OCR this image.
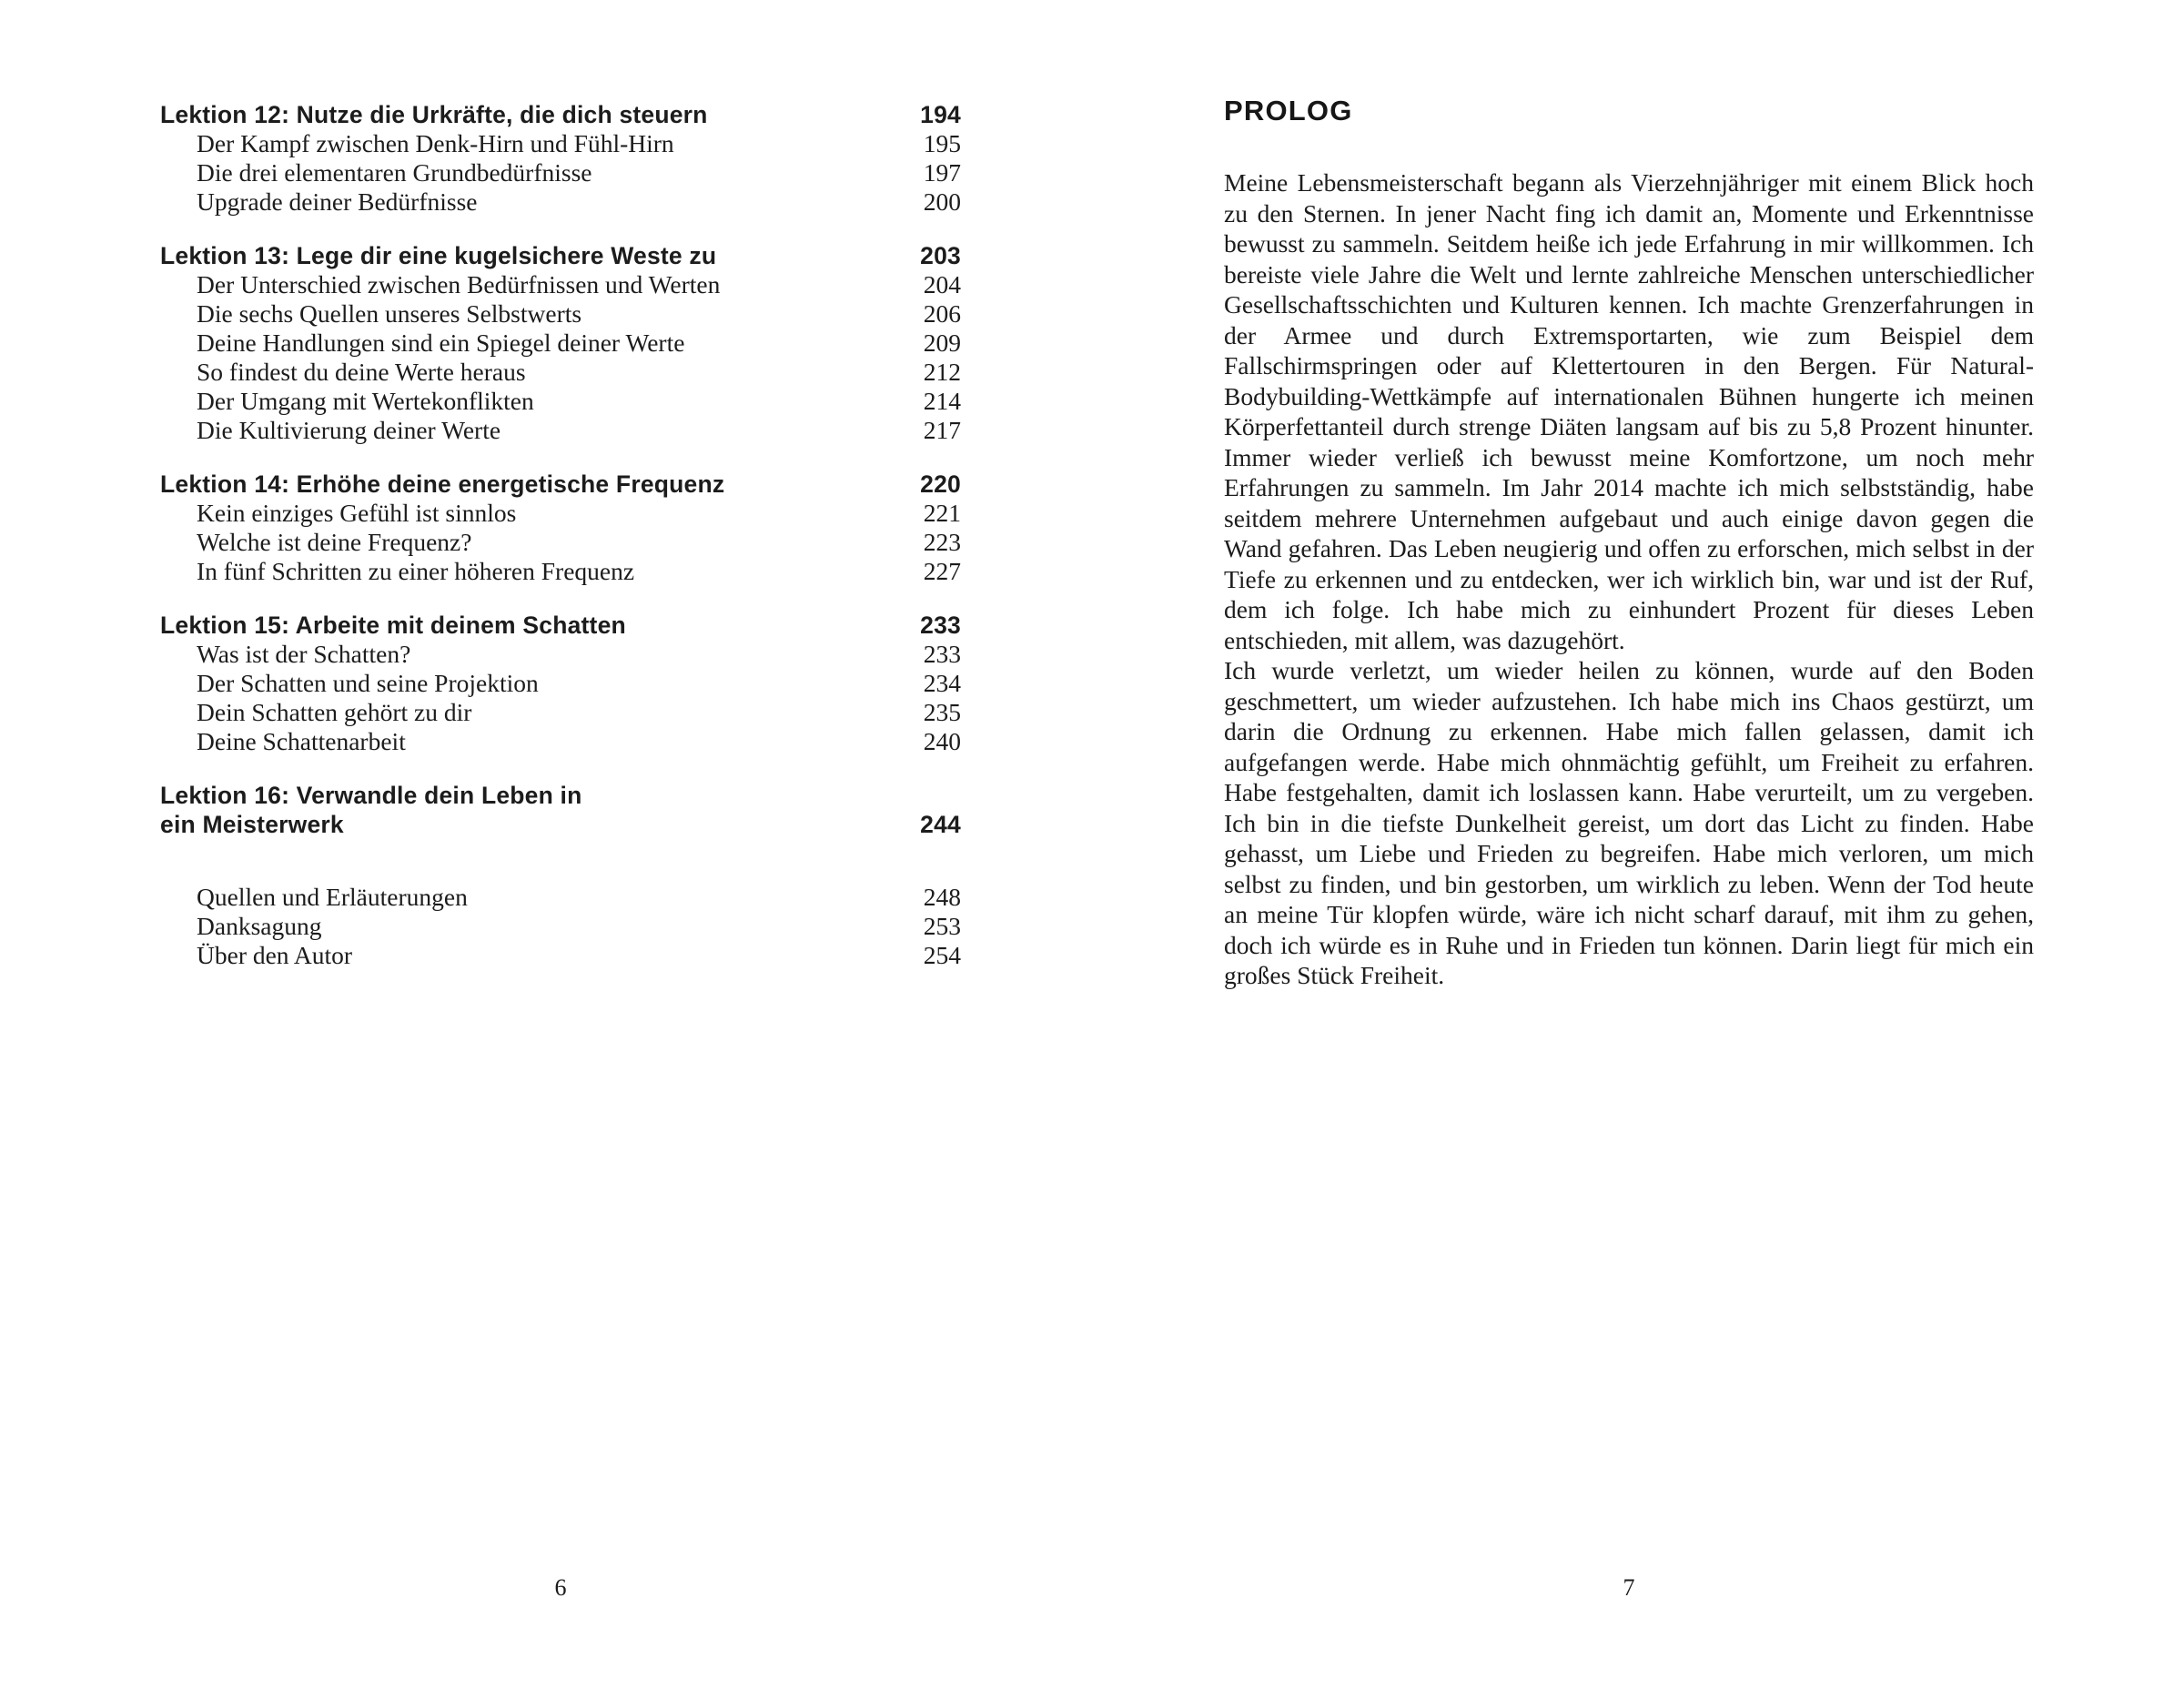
Lektion 12: Nutze die Urkräfte, die dich steuern	194
Der Kampf zwischen Denk-Hirn und Fühl-Hirn	195
Die drei elementaren Grundbedürfnisse	197
Upgrade deiner Bedürfnisse	200
Lektion 13: Lege dir eine kugelsichere Weste zu	203
Der Unterschied zwischen Bedürfnissen und Werten	204
Die sechs Quellen unseres Selbstwerts	206
Deine Handlungen sind ein Spiegel deiner Werte	209
So findest du deine Werte heraus	212
Der Umgang mit Wertekonflikten	214
Die Kultivierung deiner Werte	217
Lektion 14: Erhöhe deine energetische Frequenz	220
Kein einziges Gefühl ist sinnlos	221
Welche ist deine Frequenz?	223
In fünf Schritten zu einer höheren Frequenz	227
Lektion 15: Arbeite mit deinem Schatten	233
Was ist der Schatten?	233
Der Schatten und seine Projektion	234
Dein Schatten gehört zu dir	235
Deine Schattenarbeit	240
Lektion 16: Verwandle dein Leben in
ein Meisterwerk	244
Quellen und Erläuterungen	248
Danksagung	253
Über den Autor	254
PROLOG

Meine Lebensmeisterschaft begann als Vierzehnjähriger mit einem Blick hoch zu den Sternen. In jener Nacht fing ich damit an, Momente und Erkenntnisse bewusst zu sammeln. Seitdem heiße ich jede Erfahrung in mir willkommen. Ich bereiste viele Jahre die Welt und lernte zahlreiche Menschen unterschiedlicher Gesellschaftsschichten und Kulturen kennen. Ich machte Grenzerfahrungen in der Armee und durch Extremsportarten, wie zum Beispiel dem Fallschirmspringen oder auf Klettertouren in den Bergen. Für Natural-Bodybuilding-Wettkämpfe auf internationalen Bühnen hungerte ich meinen Körperfettanteil durch strenge Diäten langsam auf bis zu 5,8 Prozent hinunter. Immer wieder verließ ich bewusst meine Komfortzone, um noch mehr Erfahrungen zu sammeln. Im Jahr 2014 machte ich mich selbstständig, habe seitdem mehrere Unternehmen aufgebaut und auch einige davon gegen die Wand gefahren. Das Leben neugierig und offen zu erforschen, mich selbst in der Tiefe zu erkennen und zu entdecken, wer ich wirklich bin, war und ist der Ruf, dem ich folge. Ich habe mich zu einhundert Prozent für dieses Leben entschieden, mit allem, was dazugehört.

Ich wurde verletzt, um wieder heilen zu können, wurde auf den Boden geschmettert, um wieder aufzustehen. Ich habe mich ins Chaos gestürzt, um darin die Ordnung zu erkennen. Habe mich fallen gelassen, damit ich aufgefangen werde. Habe mich ohnmächtig gefühlt, um Freiheit zu erfahren. Habe festgehalten, damit ich loslassen kann. Habe verurteilt, um zu vergeben. Ich bin in die tiefste Dunkelheit gereist, um dort das Licht zu finden. Habe gehasst, um Liebe und Frieden zu begreifen. Habe mich verloren, um mich selbst zu finden, und bin gestorben, um wirklich zu leben. Wenn der Tod heute an meine Tür klopfen würde, wäre ich nicht scharf darauf, mit ihm zu gehen, doch ich würde es in Ruhe und in Frieden tun können. Darin liegt für mich ein großes Stück Freiheit.

6	7
